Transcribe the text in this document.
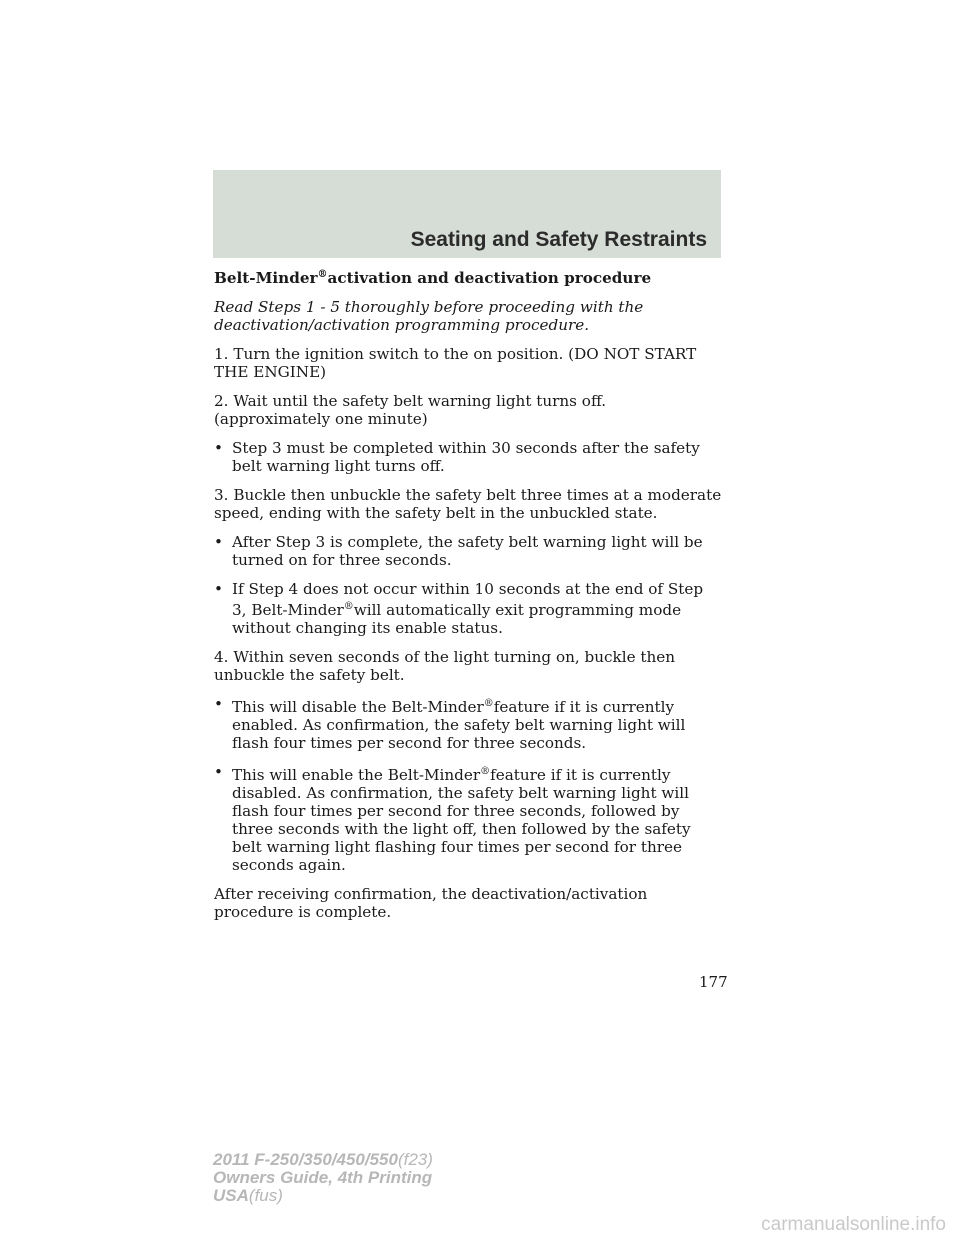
Seating and Safety Restraints

Belt-Minder®activation and deactivation procedure

Read Steps 1 - 5 thoroughly before proceeding with the deactivation/activation programming procedure.

1. Turn the ignition switch to the on position. (DO NOT START THE ENGINE)

2. Wait until the safety belt warning light turns off. (approximately one minute)

• Step 3 must be completed within 30 seconds after the safety belt warning light turns off.

3. Buckle then unbuckle the safety belt three times at a moderate speed, ending with the safety belt in the unbuckled state.

• After Step 3 is complete, the safety belt warning light will be turned on for three seconds.

• If Step 4 does not occur within 10 seconds at the end of Step 3, Belt-Minder®will automatically exit programming mode without changing its enable status.

4. Within seven seconds of the light turning on, buckle then unbuckle the safety belt.

• This will disable the Belt-Minder®feature if it is currently enabled. As confirmation, the safety belt warning light will flash four times per second for three seconds.

• This will enable the Belt-Minder®feature if it is currently disabled. As confirmation, the safety belt warning light will flash four times per second for three seconds, followed by three seconds with the light off, then followed by the safety belt warning light flashing four times per second for three seconds again.

After receiving confirmation, the deactivation/activation procedure is complete.

177
2011 F-250/350/450/550(f23)
Owners Guide, 4th Printing
USA(fus)
carmanualsonline.info
